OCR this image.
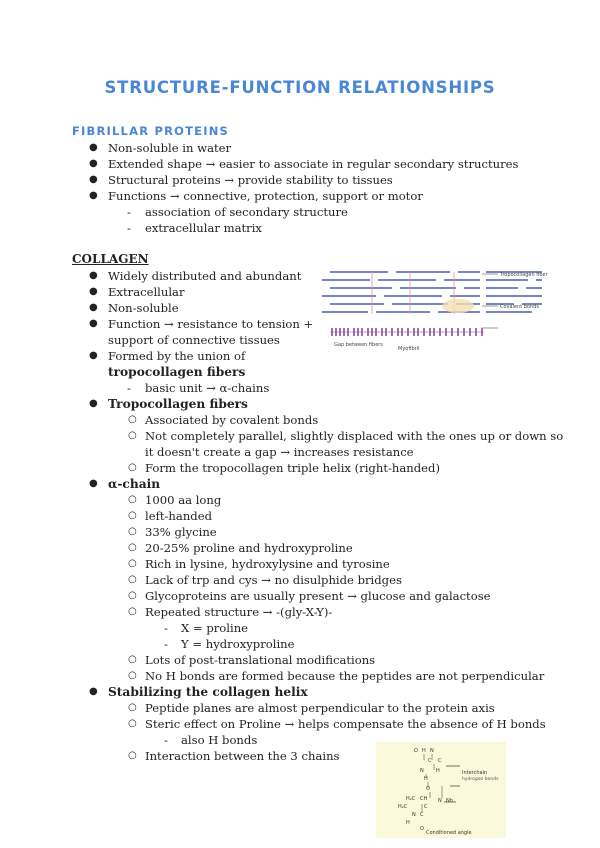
STRUCTURE-FUNCTION RELATIONSHIPS
FIBRILLAR PROTEINS
● Non-soluble in water
● Extended shape → easier to associate in regular secondary structures
● Structural proteins → provide stability to tissues
● Functions → connective, protection, support or motor
- association of secondary structure
- extracellular matrix
COLLAGEN
● Widely distributed and abundant
● Extracellular
● Non-soluble
● Function → resistance to tension +
support of connective tissues
● Formed by the union of
tropocollagen fibers
- basic unit → α-chains
● Tropocollagen fibers
○ Associated by covalent bonds
○ Not completely parallel, slightly displaced with the ones up or down so
it doesn't create a gap → increases resistance
○ Form the tropocollagen triple helix (right-handed)
● α-chain
○ 1000 aa long
○ left-handed
○ 33% glycine
○ 20-25% proline and hydroxyproline
○ Rich in lysine, hydroxylysine and tyrosine
○ Lack of trp and cys → no disulphide bridges
○ Glycoproteins are usually present → glucose and galactose
○ Repeated structure → -(gly-X-Y)-
- X = proline
- Y = hydroxyproline
○ Lots of post-translational modifications
○ No H bonds are formed because the peptides are not perpendicular
● Stabilizing the collagen helix
○ Peptide planes are almost perpendicular to the protein axis
○ Steric effect on Proline → helps compensate the absence of H bonds
- also H bonds
○ Interaction between the 3 chains
Tropocollagen fiber
Covalent bonds
Gap between fibers
Myofibril
O H N
C C
N H
H
O
H₂C CH N Nh
H₂C	C
N C
H
O
Interchain
hydrogen bonds
Conditioned angle
